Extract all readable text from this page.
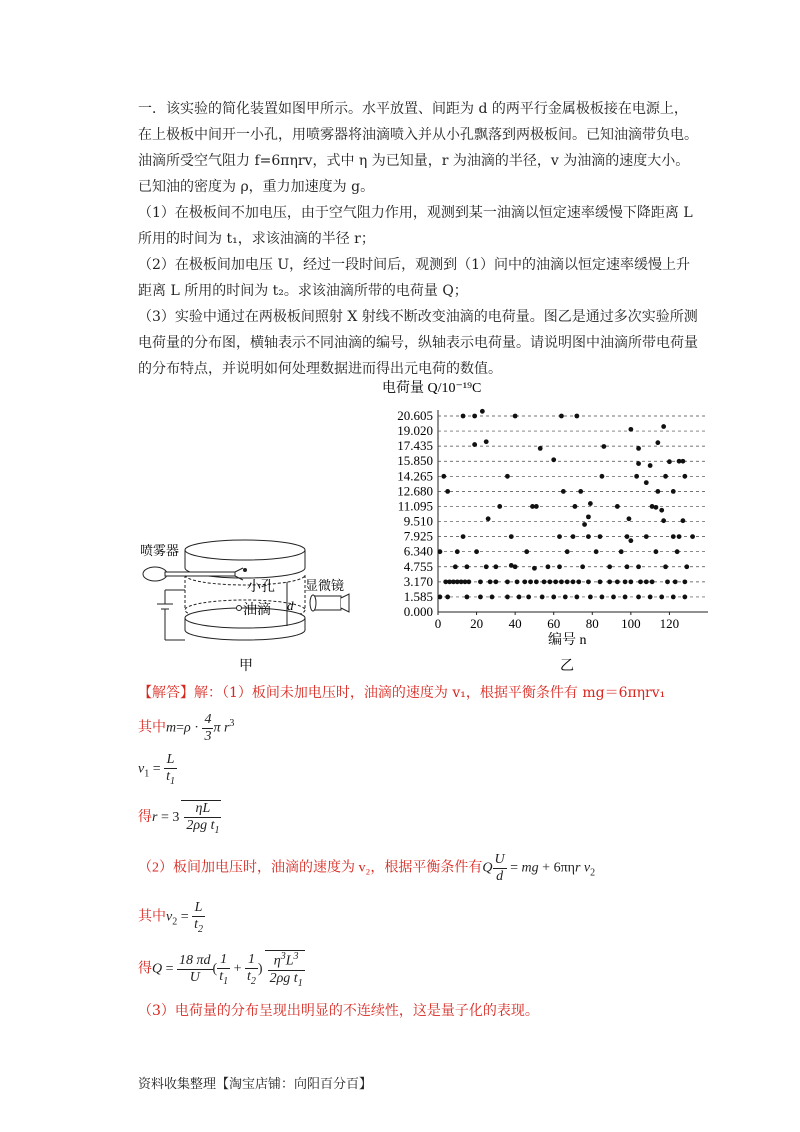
一．该实验的简化装置如图甲所示。水平放置、间距为 d 的两平行金属极板接在电源上，在上极板中间开一小孔，用喷雾器将油滴喷入并从小孔飘落到两极板间。已知油滴带负电。油滴所受空气阻力 f=6πηrv，式中 η 为已知量，r 为油滴的半径，v 为油滴的速度大小。已知油的密度为 ρ，重力加速度为 g。
（1）在极板间不加电压，由于空气阻力作用，观测到某一油滴以恒定速率缓慢下降距离 L 所用的时间为 t₁，求该油滴的半径 r；
（2）在极板间加电压 U，经过一段时间后，观测到（1）问中的油滴以恒定速率缓慢上升距离 L 所用的时间为 t₂。求该油滴所带的电荷量 Q；
（3）实验中通过在两极板间照射 X 射线不断改变油滴的电荷量。图乙是通过多次实验所测电荷量的分布图，横轴表示不同油滴的编号，纵轴表示电荷量。请说明图中油滴所带电荷量的分布特点，并说明如何处理数据进而得出元电荷的数值。
小孔
油滴
喷雾器
d
显微镜
甲
电荷量 Q/10⁻¹⁹C
0.000
1.585
3.170
4.755
6.340
7.925
9.510
11.095
12.680
14.265
15.850
17.435
19.020
20.605
0 20 40 60 80 100 120
编号 n
乙
【解答】解：（1）板间未加电压时，油滴的速度为 v₁，根据平衡条件有 mg＝6πηrv₁
其中$m=\rho \cdot \frac{4}{3}$ π $r^3$
$v_1 = \frac{L}{t_1}$
得$r = 3 \frac{\eta L}{2\rho g t_1}$
（2）板间加电压时，油滴的速度为 v₂，根据平衡条件有Q $\frac{U}{d}$ = mg + 6πηr $v_2$
其中$v_2 = \frac{L}{t_2}$
得$Q = \frac{18 \pi d}{U}$ ( $\frac{1}{t_1} + \frac{1}{t_2}$ ) $\frac{\eta^3L^3}{2\rho g t_1}$
（3）电荷量的分布呈现出明显的不连续性，这是量子化的表现。
资料收集整理【淘宝店铺：向阳百分百】
